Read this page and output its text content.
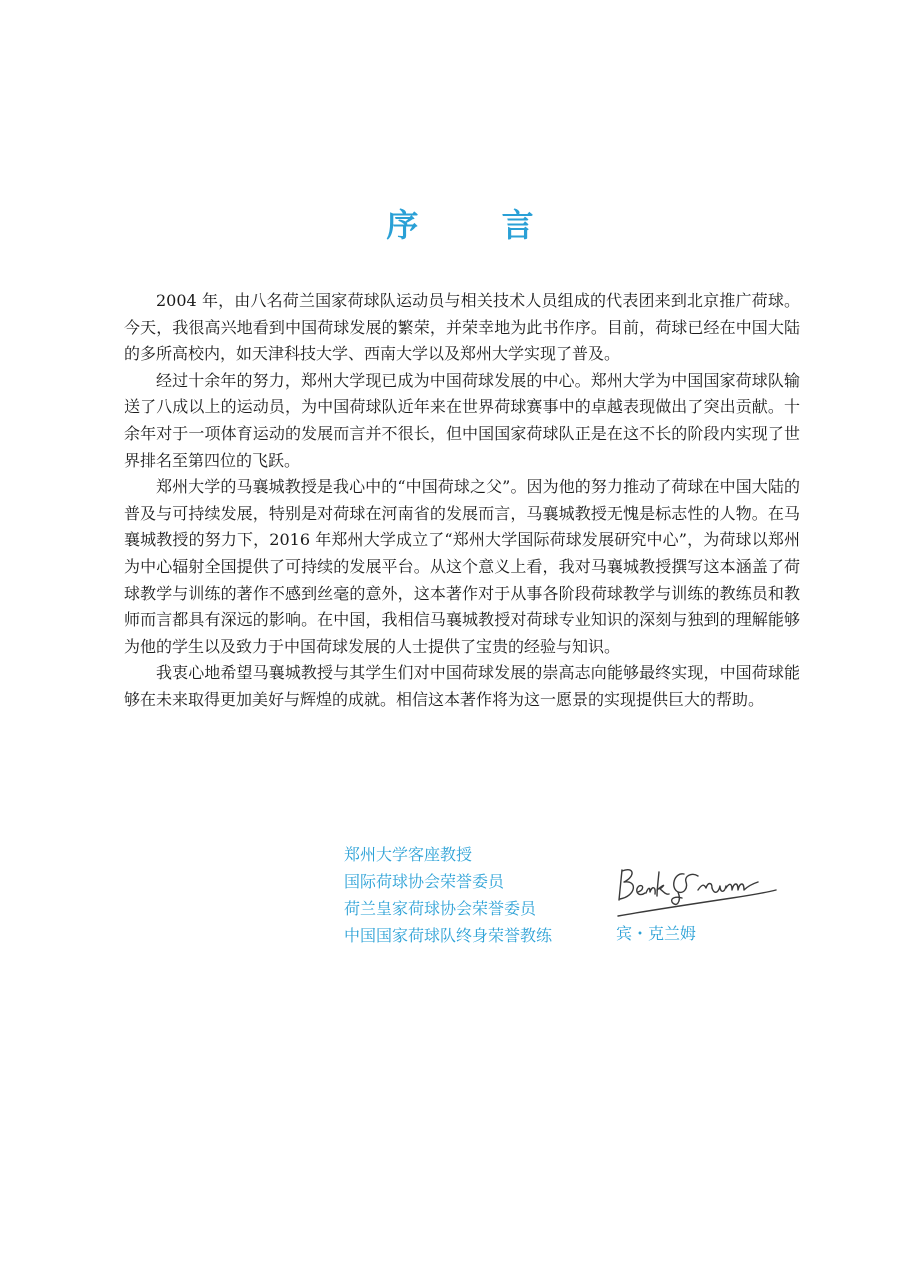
序 言

2004 年，由八名荷兰国家荷球队运动员与相关技术人员组成的代表团来到北京推广荷球。今天，我很高兴地看到中国荷球发展的繁荣，并荣幸地为此书作序。目前，荷球已经在中国大陆的多所高校内，如天津科技大学、西南大学以及郑州大学实现了普及。

经过十余年的努力，郑州大学现已成为中国荷球发展的中心。郑州大学为中国国家荷球队输送了八成以上的运动员，为中国荷球队近年来在世界荷球赛事中的卓越表现做出了突出贡献。十余年对于一项体育运动的发展而言并不很长，但中国国家荷球队正是在这不长的阶段内实现了世界排名至第四位的飞跃。

郑州大学的马襄城教授是我心中的“中国荷球之父”。因为他的努力推动了荷球在中国大陆的普及与可持续发展，特别是对荷球在河南省的发展而言，马襄城教授无愧是标志性的人物。在马襄城教授的努力下，2016 年郑州大学成立了“郑州大学国际荷球发展研究中心”，为荷球以郑州为中心辐射全国提供了可持续的发展平台。从这个意义上看，我对马襄城教授撰写这本涵盖了荷球教学与训练的著作不感到丝毫的意外，这本著作对于从事各阶段荷球教学与训练的教练员和教师而言都具有深远的影响。在中国，我相信马襄城教授对荷球专业知识的深刻与独到的理解能够为他的学生以及致力于中国荷球发展的人士提供了宝贵的经验与知识。

我衷心地希望马襄城教授与其学生们对中国荷球发展的崇高志向能够最终实现，中国荷球能够在未来取得更加美好与辉煌的成就。相信这本著作将为这一愿景的实现提供巨大的帮助。

郑州大学客座教授
国际荷球协会荣誉委员
荷兰皇家荷球协会荣誉委员
中国国家荷球队终身荣誉教练	宾・克兰姆
